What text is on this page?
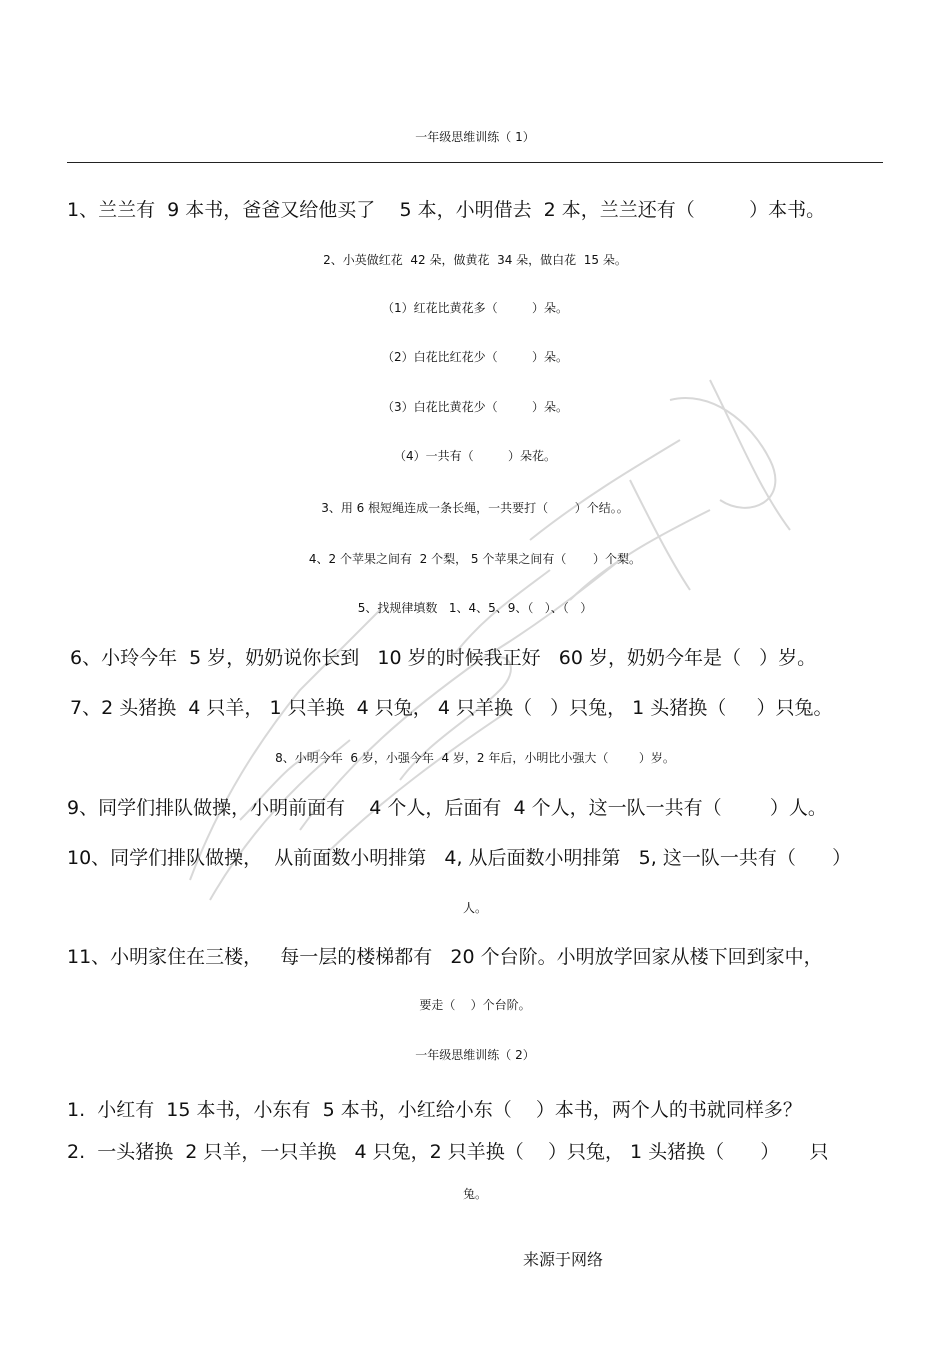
一年级思维训练（ 1）
1、兰兰有  9 本书，爸爸又给他买了    5 本，小明借去  2 本，兰兰还有（         ）本书。
2、小英做红花  42 朵，做黄花  34 朵，做白花  15 朵。
（1）红花比黄花多（         ）朵。
（2）白花比红花少（         ）朵。
（3）白花比黄花少（         ）朵。
（4）一共有（         ）朵花。
3、用 6 根短绳连成一条长绳，一共要打（       ）个结。。
4、2 个苹果之间有  2 个梨， 5 个苹果之间有（       ）个梨。
5、找规律填数   1、4、5、9、（   ）、（   ）
6、小玲今年  5 岁，奶奶说你长到   10 岁的时候我正好   60 岁，奶奶今年是（   ）岁。
7、2 头猪换  4 只羊， 1 只羊换  4 只兔， 4 只羊换（   ）只兔， 1 头猪换（     ）只兔。
8、小明今年  6 岁，小强今年  4 岁，2 年后，小明比小强大（        ）岁。
9、同学们排队做操，小明前面有    4 个人，后面有  4 个人，这一队一共有（        ）人。
10、同学们排队做操，  从前面数小明排第   4, 从后面数小明排第   5, 这一队一共有（      ）
人。
11、小明家住在三楼，   每一层的楼梯都有   20 个台阶。小明放学回家从楼下回到家中，
要走（    ）个台阶。
一年级思维训练（ 2）
1.  小红有  15 本书，小东有  5 本书，小红给小东（    ）本书，两个人的书就同样多？
2.  一头猪换  2 只羊，一只羊换   4 只兔，2 只羊换（    ）只兔， 1 头猪换（      ）     只
兔。
来源于网络
